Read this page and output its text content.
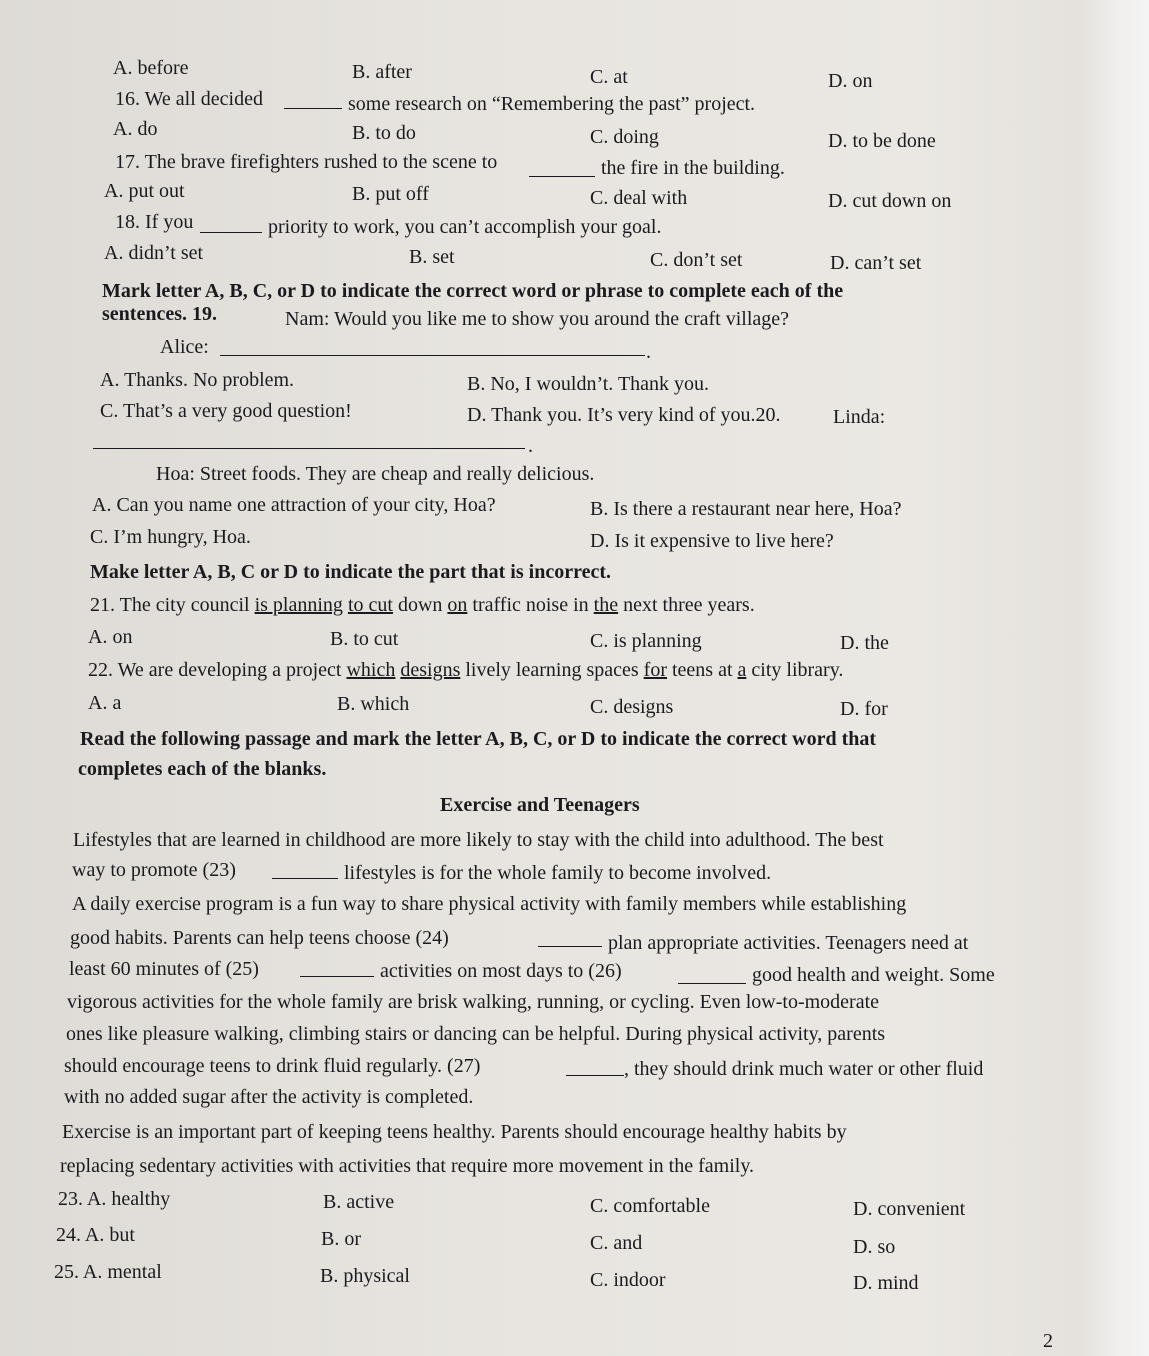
A. before	B. after	C. at	D. on
16. We all decided	some research on “Remembering the past” project.
A. do	B. to do	C. doing	D. to be done
17. The brave firefighters rushed to the scene to	the fire in the building.
A. put out	B. put off	C. deal with	D. cut down on
18. If you	priority to work, you can’t accomplish your goal.
A. didn’t set	B. set	C. don’t set	D. can’t set
Mark letter A, B, C, or D to indicate the correct word or phrase to complete each of the
sentences. 19.	Nam: Would you like me to show you around the craft village?
Alice:	.
A. Thanks. No problem.	B. No, I wouldn’t. Thank you.
C. That’s a very good question!	D. Thank you. It’s very kind of you.20.	Linda:
.
Hoa: Street foods. They are cheap and really delicious.
A. Can you name one attraction of your city, Hoa?	B. Is there a restaurant near here, Hoa?
C. I’m hungry, Hoa.	D. Is it expensive to live here?
Make letter A, B, C or D to indicate the part that is incorrect.
21. The city council is planning to cut down on traffic noise in the next three years.
A. on	B. to cut	C. is planning	D. the
22. We are developing a project which designs lively learning spaces for teens at a city library.
A. a	B. which	C. designs	D. for
Read the following passage and mark the letter A, B, C, or D to indicate the correct word that
completes each of the blanks.
Exercise and Teenagers
Lifestyles that are learned in childhood are more likely to stay with the child into adulthood. The best
way to promote (23)	lifestyles is for the whole family to become involved.
A daily exercise program is a fun way to share physical activity with family members while establishing
good habits. Parents can help teens choose (24)	plan appropriate activities. Teenagers need at
least 60 minutes of (25)	activities on most days to (26)	good health and weight. Some
vigorous activities for the whole family are brisk walking, running, or cycling. Even low-to-moderate
ones like pleasure walking, climbing stairs or dancing can be helpful. During physical activity, parents
should encourage teens to drink fluid regularly. (27)	, they should drink much water or other fluid
with no added sugar after the activity is completed.
Exercise is an important part of keeping teens healthy. Parents should encourage healthy habits by
replacing sedentary activities with activities that require more movement in the family.
23. A. healthy	B. active	C. comfortable	D. convenient
24. A. but	B. or	C. and	D. so
25. A. mental	B. physical	C. indoor	D. mind
2
